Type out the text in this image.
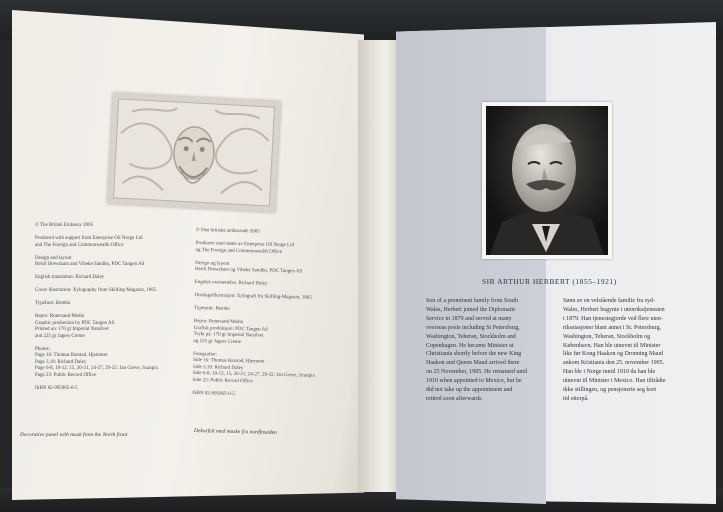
© The British Embassy 2005

Produced with support from Enterprise Oil Norge Ltd
and The Foreign and Commonwealth Office

Design and layout
Heidi Drewsham and Vibeke Sandbu, PDC Tangen AS

English translation: Richard Daley

Cover illustration: Xylography from Skilling-Magazin, 1865

Typeface: Bembo

Repro: Rotersand Media
Graphic production by PDC Tangen AS
Printed on: 170 gr Imperial Natsilvet
and 225 gr Jagers Creme

Photos:
Page 16: Thomas Barstad, Hjemmet
Page 3,18: Richard Daley
Page 6-8, 10-12, 15, 20-21, 24-27, 29-32: Jan Greve, Scanpix
Page 23: Public Record Office

ISBN 82-995965-0-5
© Den britiske ambassade 2005

Produsert med støtte av Enterprise Oil Norge Ltd
og The Foreign and Commonwealth Office

Design og layout
Heidi Drewsham og Vibeke Sandbu, PDC Tangen AS

Engelsk oversettelse: Richard Daley

Omslagsillustrasjon: Xylografi fra Skilling-Magazin, 1865

Typesnitt: Bembo

Repro: Rotersand Media
Grafisk produksjon: PDC Tangen AS
Trykt på: 170 gr Imperial Natsilvet
og 225 gr Jagers Creme

Fotografier:
Side 16: Thomas Barstad, Hjemmet
Side 3,18: Richard Daley
Side 6-8, 10-12, 15, 20-21, 24-27, 29-32: Jan Greve, Scanpix
Side 23: Public Record Office

ISBN 82-995965-0-5
Decorative panel with mask from the North front	Dekorfelt med maske fra nordfasaden
SIR ARTHUR HERBERT (1855–1921)
Son of a prominent family from South
Wales, Herbert joined the Diplomatic
Service in 1879 and served at many
overseas posts including St Petersburg,
Washington, Teheran, Stockholm and
Copenhagen. He became Minister at
Christiania shortly before the new King
Haakon and Queen Maud arrived there
on 25 November, 1905. He remained until
1910 when appointed to Mexico, but he
did not take up the appointment and
retired soon afterwards.
Sønn av en velstående familie fra syd-
Wales, Herbert begynte i utenrikstjenesten
i 1879. Han tjenestegjorde ved flere uten-
riksstasjoner blant annet i St. Petersburg,
Washington, Teheran, Stockholm og
København. Han ble utnevnt til Minister
like før Kong Haakon og Dronning Maud
ankom Kristiania den 25. november 1905.
Han ble i Norge inntil 1910 da han ble
utnevnt til Minister i Mexico. Han tiltrådte
ikke stillingen, og pensjonerte seg kort
tid etterpå.
